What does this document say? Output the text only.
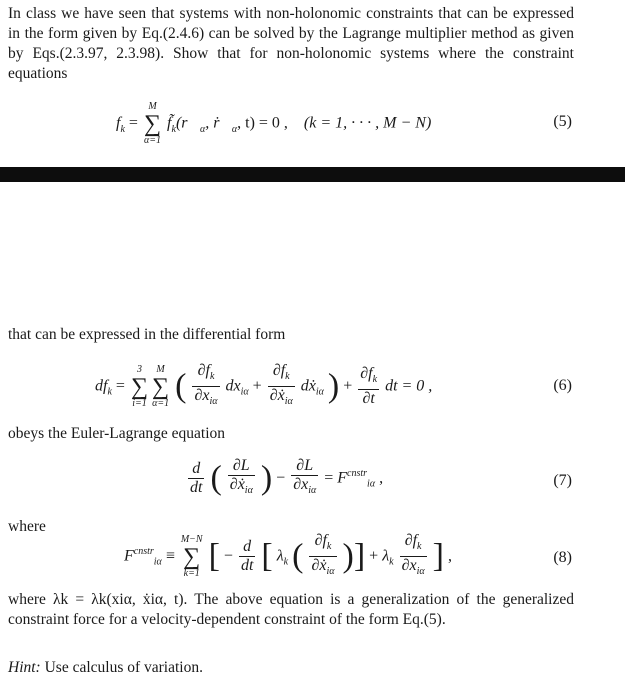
In class we have seen that systems with non-holonomic constraints that can be expressed in the form given by Eq.(2.4.6) can be solved by the Lagrange multiplier method as given by Eqs.(2.3.97, 2.3.98). Show that for non-holonomic systems where the constraint equations

$f_k$ =
M
∑
α=1
$f̃_k(r⃗_\alpha$, $ṙ⃗_\alpha$, t) = 0 , (k = 1, · · · , M − N)	(5)

that can be expressed in the differential form

$df_k$ =
3
∑
i=1
M
∑
α=1 ( $\frac{\partial f_k}{\partial x_{i\alpha}} dx_{i\alpha} + \frac{\partial f_k}{\partial ẋ_{i\alpha}}$ dẋ$_{i\alpha}$ ) + $\frac{\partial f_k}{\partial t}$ dt = 0 ,	(6)

obeys the Euler-Lagrange equation

$\frac{d}{dt}$ ( $\frac{\partial L}{\partial ẋ_{i\alpha}}$ ) − $\frac{\partial L}{\partial x_{i\alpha}} = F^{cnstr}_{i\alpha}$ ,	(7)

where

$F^{cnstr}_{i\alpha}$ ≡
M−N
∑
k=1 [ − $\frac{d}{dt}$ [ $\lambda_k$ ( $\frac{\partial f_k}{\partial ẋ_{i\alpha}}$ )] + $\lambda_k \frac{\partial f_k}{\partial x_{i\alpha}}$ ] ,	(8)

where λk = λk(xiα, ẋiα, t). The above equation is a generalization of the generalized constraint force for a velocity-dependent constraint of the form Eq.(5).

Hint: Use calculus of variation.
